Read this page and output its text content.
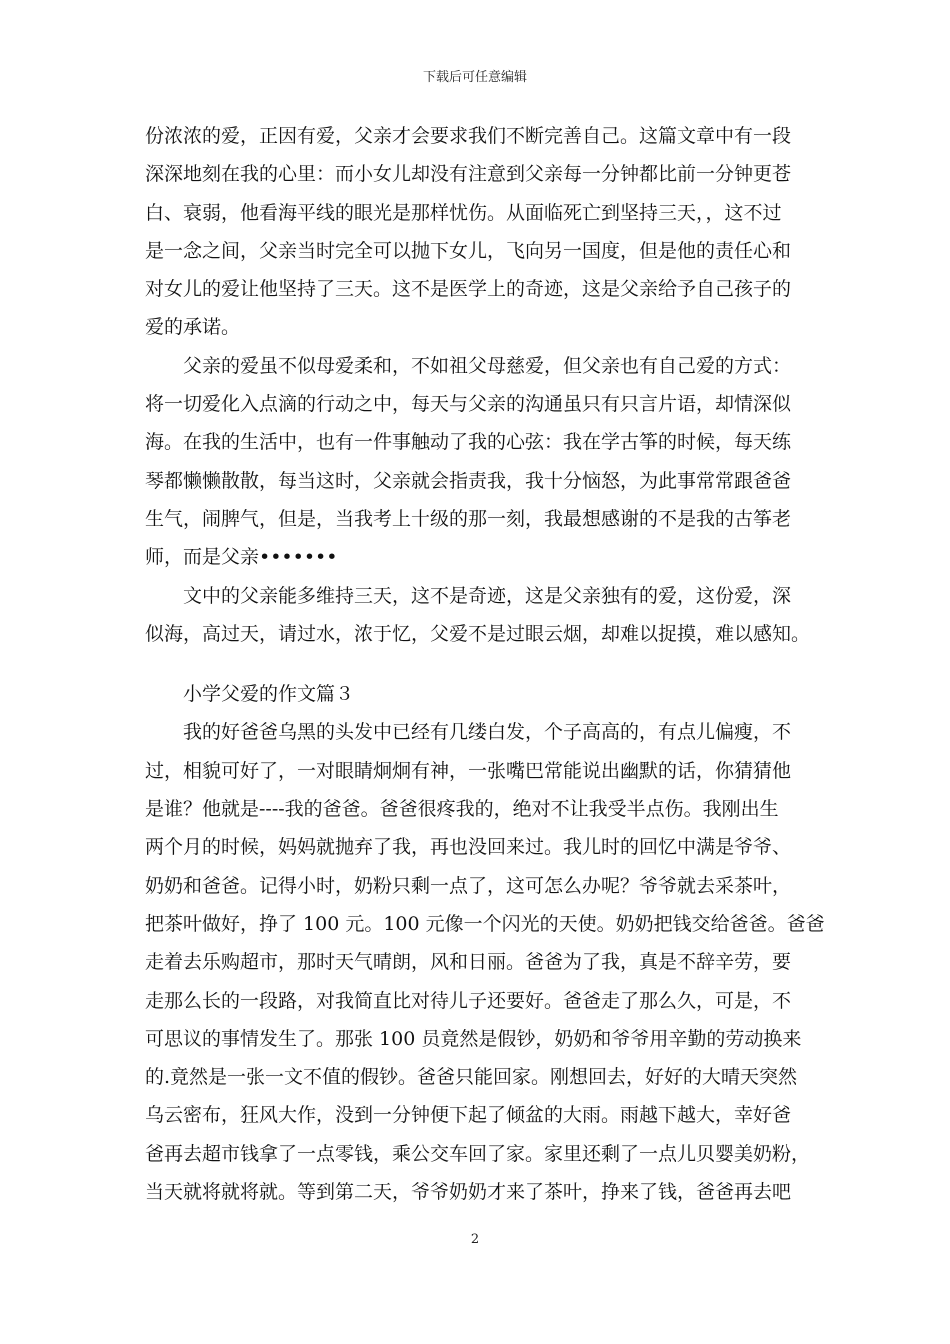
下载后可任意编辑
份浓浓的爱，正因有爱，父亲才会要求我们不断完善自己。这篇文章中有一段
深深地刻在我的心里：而小女儿却没有注意到父亲每一分钟都比前一分钟更苍
白、衰弱，他看海平线的眼光是那样忧伤。从面临死亡到坚持三天，，这不过
是一念之间，父亲当时完全可以抛下女儿，飞向另一国度，但是他的责任心和
对女儿的爱让他坚持了三天。这不是医学上的奇迹，这是父亲给予自己孩子的
爱的承诺。
父亲的爱虽不似母爱柔和，不如祖父母慈爱，但父亲也有自己爱的方式：
将一切爱化入点滴的行动之中，每天与父亲的沟通虽只有只言片语，却情深似
海。在我的生活中，也有一件事触动了我的心弦：我在学古筝的时候，每天练
琴都懒懒散散，每当这时，父亲就会指责我，我十分恼怒，为此事常常跟爸爸
生气，闹脾气，但是，当我考上十级的那一刻，我最想感谢的不是我的古筝老
师，而是父亲•••••••
文中的父亲能多维持三天，这不是奇迹，这是父亲独有的爱，这份爱，深
似海，高过天，请过水，浓于忆，父爱不是过眼云烟，却难以捉摸，难以感知。
小学父爱的作文篇３
我的好爸爸乌黑的头发中已经有几缕白发，个子高高的，有点儿偏瘦，不
过，相貌可好了，一对眼睛炯炯有神，一张嘴巴常能说出幽默的话，你猜猜他
是谁？他就是----我的爸爸。爸爸很疼我的，绝对不让我受半点伤。我刚出生
两个月的时候，妈妈就抛弃了我，再也没回来过。我儿时的回忆中满是爷爷、
奶奶和爸爸。记得小时，奶粉只剩一点了，这可怎么办呢？爷爷就去采茶叶，
把茶叶做好，挣了 100 元。100 元像一个闪光的天使。奶奶把钱交给爸爸。爸爸
走着去乐购超市，那时天气晴朗，风和日丽。爸爸为了我，真是不辞辛劳，要
走那么长的一段路，对我简直比对待儿子还要好。爸爸走了那么久，可是，不
可思议的事情发生了。那张 100 员竟然是假钞，奶奶和爷爷用辛勤的劳动换来
的.竟然是一张一文不值的假钞。爸爸只能回家。刚想回去，好好的大晴天突然
乌云密布，狂风大作，没到一分钟便下起了倾盆的大雨。雨越下越大，幸好爸
爸再去超市钱拿了一点零钱，乘公交车回了家。家里还剩了一点儿贝婴美奶粉，
当天就将就将就。等到第二天，爷爷奶奶才来了茶叶，挣来了钱，爸爸再去吧
2
